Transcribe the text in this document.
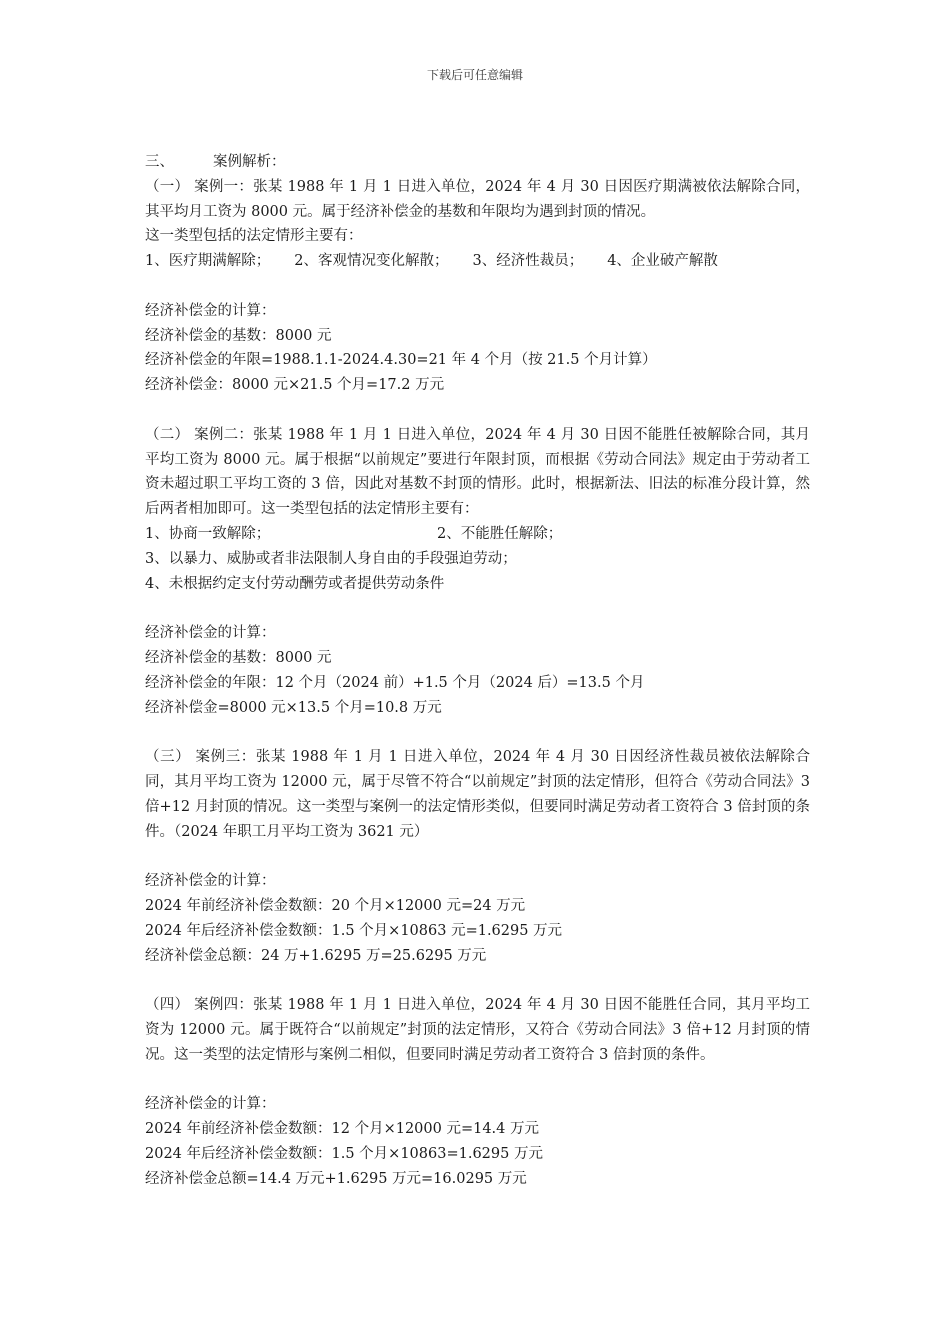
下载后可任意编辑
三、	案例解析：
（一） 案例一：张某 1988 年 1 月 1 日进入单位，2024 年 4 月 30 日因医疗期满被依法解除合同，其平均月工资为 8000 元。属于经济补偿金的基数和年限均为遇到封顶的情况。
这一类型包括的法定情形主要有：
1、医疗期满解除； 2、客观情况变化解散； 3、经济性裁员； 4、企业破产解散
经济补偿金的计算：
经济补偿金的基数：8000 元
经济补偿金的年限=1988.1.1-2024.4.30=21 年 4 个月（按 21.5 个月计算）
经济补偿金：8000 元×21.5 个月=17.2 万元
（二） 案例二：张某 1988 年 1 月 1 日进入单位，2024 年 4 月 30 日因不能胜任被解除合同，其月平均工资为 8000 元。属于根据“以前规定”要进行年限封顶，而根据《劳动合同法》规定由于劳动者工资未超过职工平均工资的 3 倍，因此对基数不封顶的情形。此时，根据新法、旧法的标准分段计算，然后两者相加即可。这一类型包括的法定情形主要有：
1、协商一致解除；	2、不能胜任解除；
3、以暴力、威胁或者非法限制人身自由的手段强迫劳动；
4、未根据约定支付劳动酬劳或者提供劳动条件
经济补偿金的计算：
经济补偿金的基数：8000 元
经济补偿金的年限：12 个月（2024 前）+1.5 个月（2024 后）=13.5 个月
经济补偿金=8000 元×13.5 个月=10.8 万元
（三） 案例三：张某 1988 年 1 月 1 日进入单位，2024 年 4 月 30 日因经济性裁员被依法解除合同，其月平均工资为 12000 元，属于尽管不符合“以前规定”封顶的法定情形，但符合《劳动合同法》3 倍+12 月封顶的情况。这一类型与案例一的法定情形类似，但要同时满足劳动者工资符合 3 倍封顶的条件。（2024 年职工月平均工资为 3621 元）
经济补偿金的计算：
2024 年前经济补偿金数额：20 个月×12000 元=24 万元
2024 年后经济补偿金数额：1.5 个月×10863 元=1.6295 万元
经济补偿金总额：24 万+1.6295 万=25.6295 万元
（四） 案例四：张某 1988 年 1 月 1 日进入单位，2024 年 4 月 30 日因不能胜任合同，其月平均工资为 12000 元。属于既符合“以前规定”封顶的法定情形，又符合《劳动合同法》3 倍+12 月封顶的情况。这一类型的法定情形与案例二相似，但要同时满足劳动者工资符合 3 倍封顶的条件。
经济补偿金的计算：
2024 年前经济补偿金数额：12 个月×12000 元=14.4 万元
2024 年后经济补偿金数额：1.5 个月×10863=1.6295 万元
经济补偿金总额=14.4 万元+1.6295 万元=16.0295 万元
